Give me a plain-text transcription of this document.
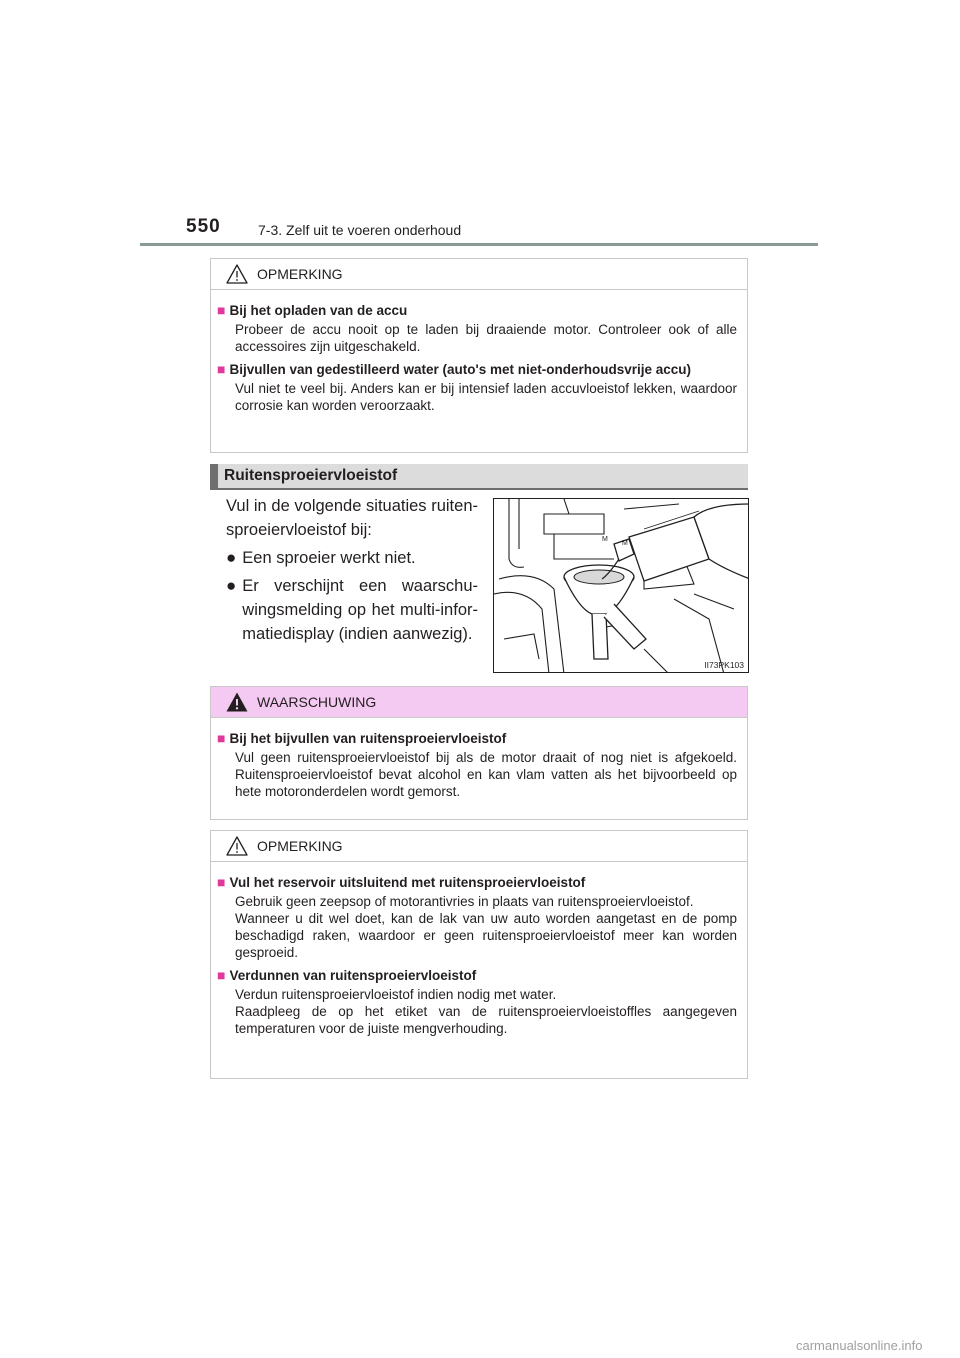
550	7-3. Zelf uit te voeren onderhoud
OPMERKING
■ Bij het opladen van de accu
Probeer de accu nooit op te laden bij draaiende motor. Controleer ook of alle accessoires zijn uitgeschakeld.
■ Bijvullen van gedestilleerd water (auto's met niet-onderhoudsvrije accu)
Vul niet te veel bij. Anders kan er bij intensief laden accuvloeistof lekken, waardoor corrosie kan worden veroorzaakt.
Ruitensproeiervloeistof
Vul in de volgende situaties ruitensproeiervloeistof bij:
● Een sproeier werkt niet.
● Er verschijnt een waarschuwingsmelding op het multi-informatiedisplay (indien aanwezig).
M
M
II73PK103
WAARSCHUWING
■ Bij het bijvullen van ruitensproeiervloeistof
Vul geen ruitensproeiervloeistof bij als de motor draait of nog niet is afgekoeld. Ruitensproeiervloeistof bevat alcohol en kan vlam vatten als het bijvoorbeeld op hete motoronderdelen wordt gemorst.
OPMERKING
■ Vul het reservoir uitsluitend met ruitensproeiervloeistof
Gebruik geen zeepsop of motorantivries in plaats van ruitensproeiervloeistof.
Wanneer u dit wel doet, kan de lak van uw auto worden aangetast en de pomp beschadigd raken, waardoor er geen ruitensproeiervloeistof meer kan worden gesproeid.
■ Verdunnen van ruitensproeiervloeistof
Verdun ruitensproeiervloeistof indien nodig met water.
Raadpleeg de op het etiket van de ruitensproeiervloeistoffles aangegeven temperaturen voor de juiste mengverhouding.
carmanualsonline.info
